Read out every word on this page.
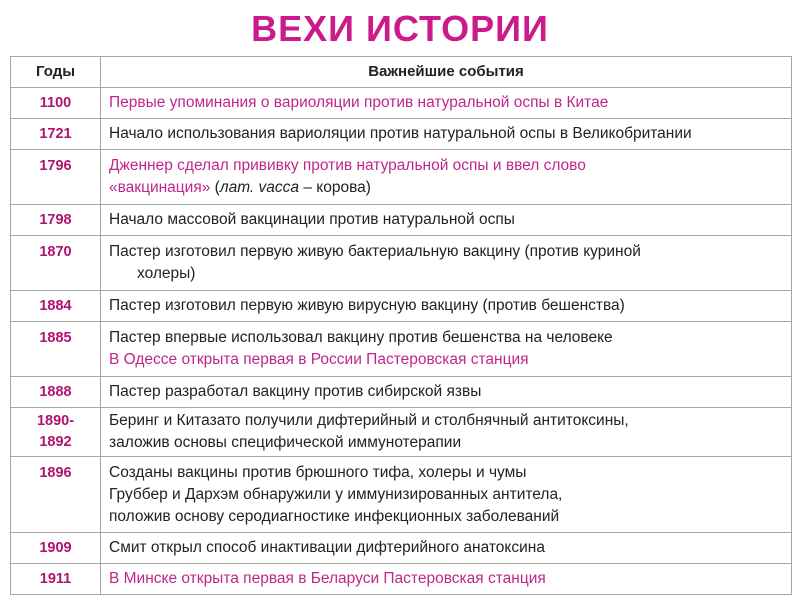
ВЕХИ ИСТОРИИ
Годы	Важнейшие события
1100	Первые упоминания о вариоляции против натуральной оспы в Китае

1721	Начало использования вариоляции против натуральной оспы в Великобритании

1796	Дженнер сделал прививку против натуральной оспы и ввел слово
«вакцинация» (лат. vacca – корова)

1798	Начало массовой вакцинации против натуральной оспы

1870	Пастер изготовил первую живую бактериальную вакцину (против куриной
холеры)

1884	Пастер изготовил первую живую вирусную вакцину (против бешенства)

1885	Пастер впервые использовал вакцину против бешенства на человеке
В Одессе открыта первая в России Пастеровская станция

1888	Пастер разработал вакцину против сибирской язвы

1890-
1892	Беринг и Китазато получили дифтерийный и столбнячный антитоксины,
заложив основы специфической иммунотерапии

1896	Созданы вакцины против брюшного тифа, холеры и чумы
Груббер и Дархэм обнаружили у иммунизированных антитела,
положив основу серодиагностике инфекционных заболеваний

1909	Смит открыл способ инактивации дифтерийного анатоксина

1911	В Минске открыта первая в Беларуси Пастеровская станция
